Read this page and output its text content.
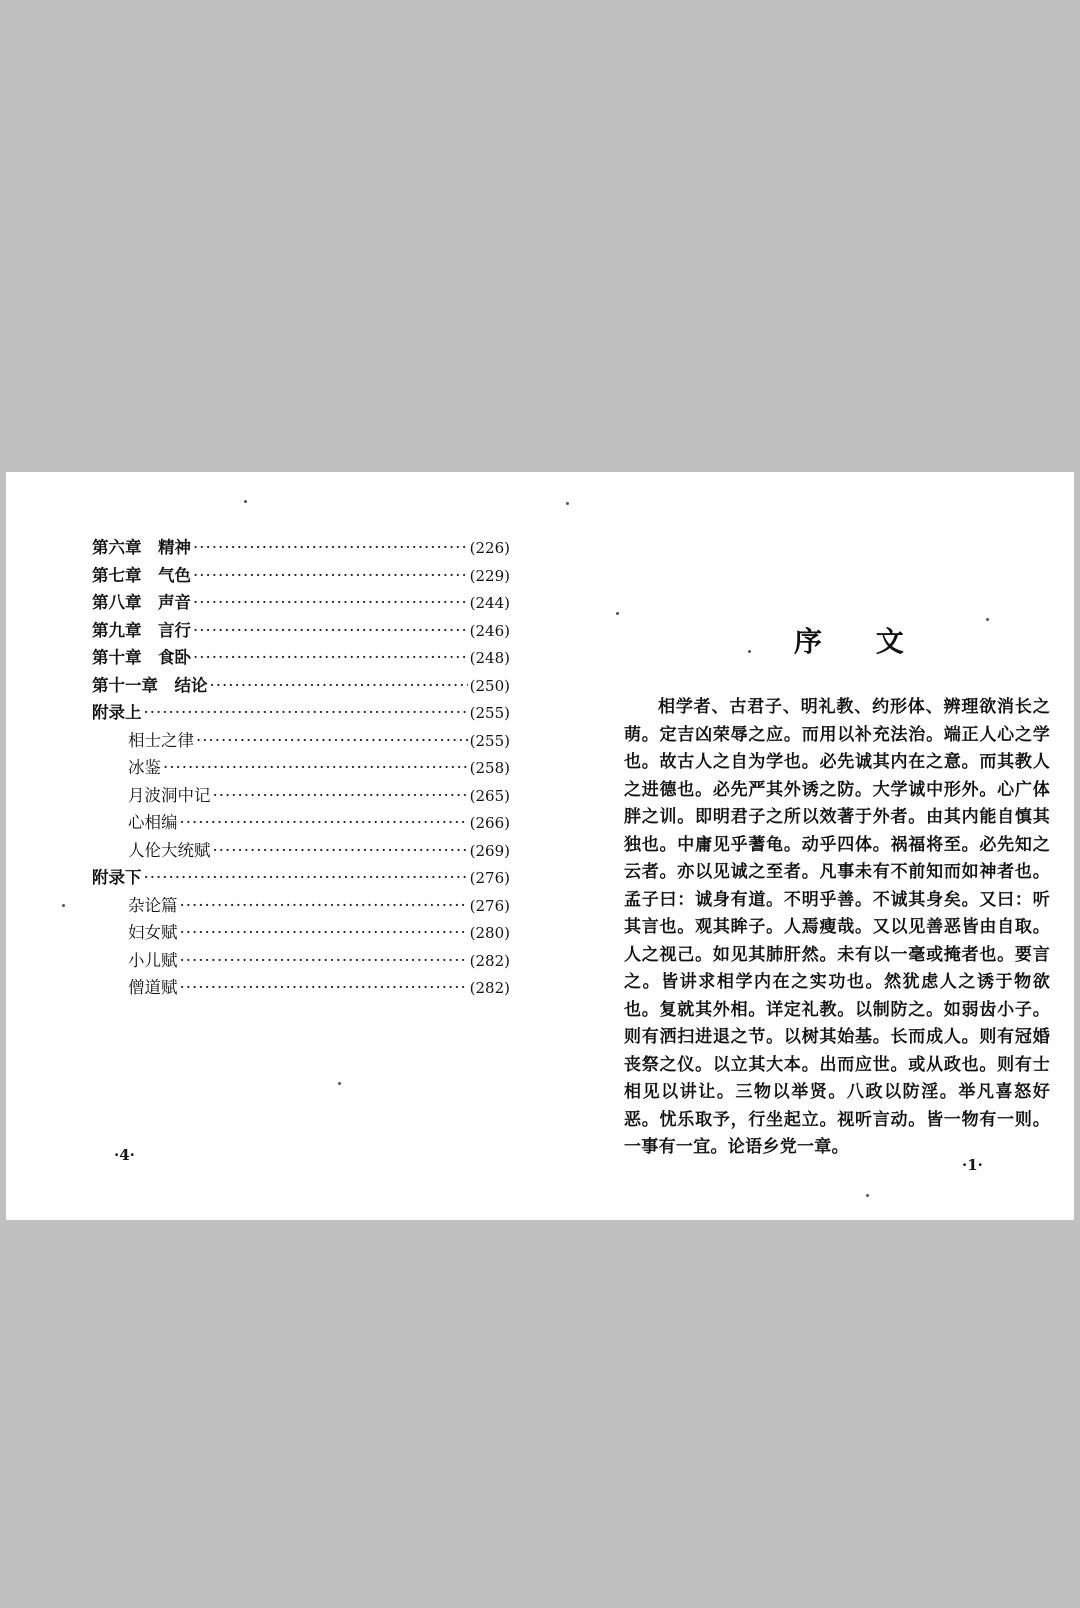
第六章　精神 ·····	(226)
第七章　气色 ·····	(229)
第八章　声音 ·····	(244)
第九章　言行 ·····	(246)
第十章　食卧 ·····	(248)
第十一章　结论 ·····	(250)
附录上 ·····	(255)
相士之律 ·····	(255)
冰鉴 ·····	(258)
月波洞中记 ·····	(265)
心相编 ·····	(266)
人伦大统赋 ·····	(269)
附录下 ·····	(276)
杂论篇 ·····	(276)
妇女赋 ·····	(280)
小儿赋 ·····	(282)
僧道赋 ·····	(282)
·4·
序 文
相学者、古君子、明礼教、约形体、辨理欲消长之萌。定吉凶荣辱之应。而用以补充法治。端正人心之学也。故古人之自为学也。必先诚其内在之意。而其教人之进德也。必先严其外诱之防。大学诚中形外。心广体胖之训。即明君子之所以效著于外者。由其内能自慎其独也。中庸见乎蓍龟。动乎四体。祸福将至。必先知之云者。亦以见诚之至者。凡事未有不前知而如神者也。孟子曰：诚身有道。不明乎善。不诚其身矣。又曰：听其言也。观其眸子。人焉瘦哉。又以见善恶皆由自取。人之视己。如见其肺肝然。未有以一毫或掩者也。要言之。皆讲求相学内在之实功也。然犹虑人之诱于物欲也。复就其外相。详定礼教。以制防之。如弱齿小子。则有洒扫进退之节。以树其始基。长而成人。则有冠婚丧祭之仪。以立其大本。出而应世。或从政也。则有士相见以讲让。三物以举贤。八政以防淫。举凡喜怒好恶。忧乐取予，行坐起立。视听言动。皆一物有一则。一事有一宜。论语乡党一章。
·1·
